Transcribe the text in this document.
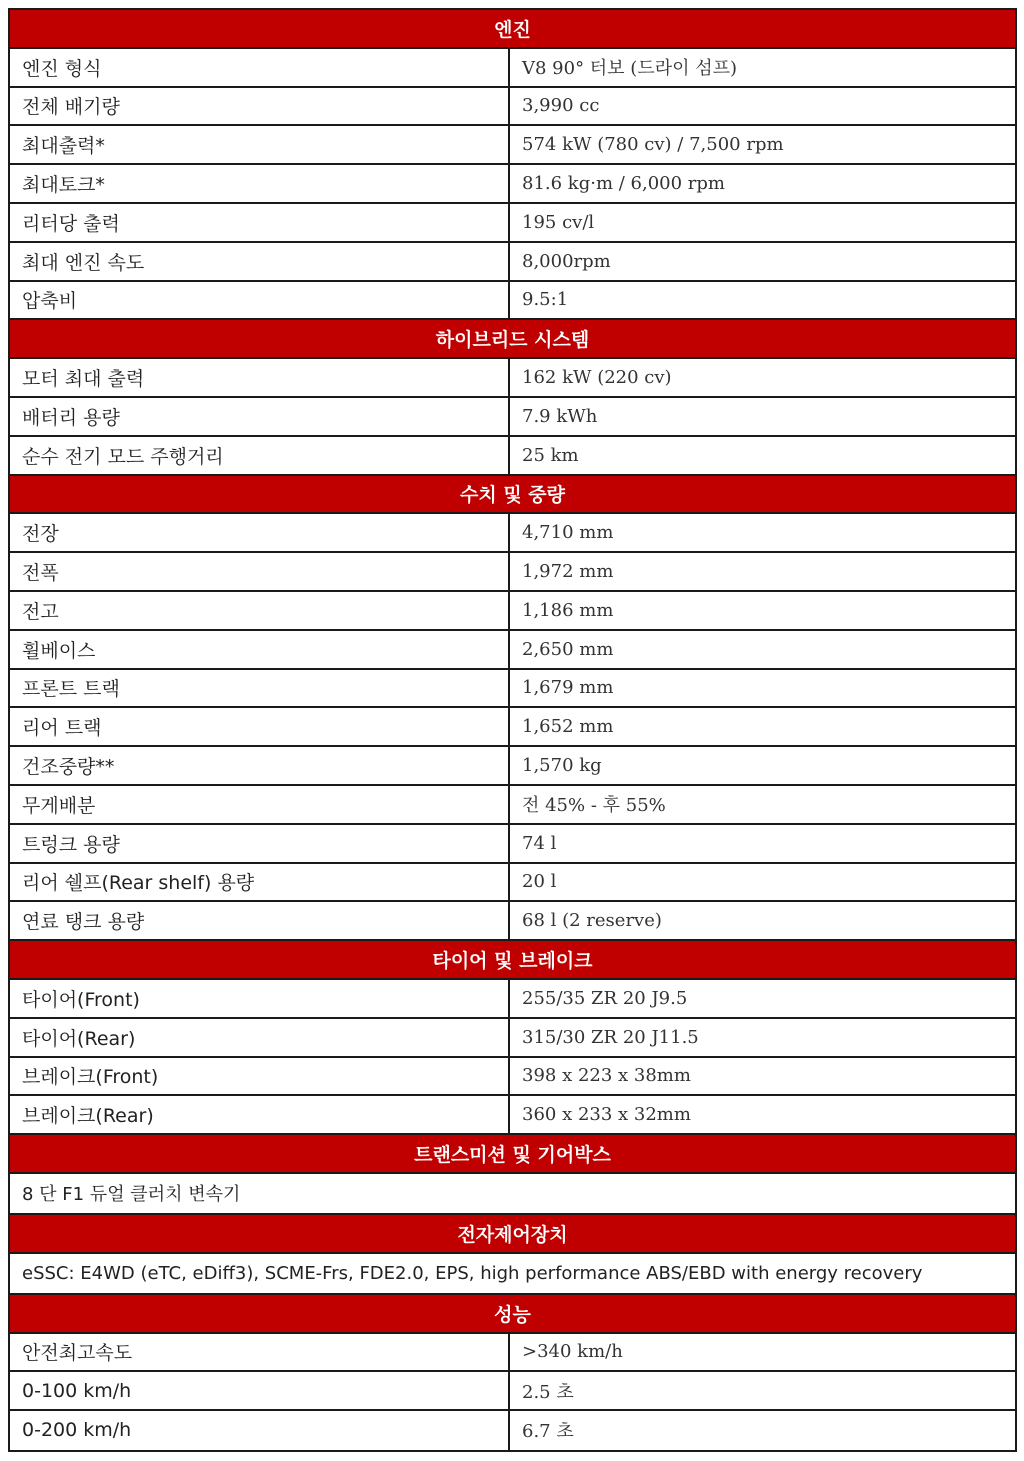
엔진
엔진 형식	V8 90° 터보 (드라이 섬프)
전체 배기량	3,990 cc
최대출력*	574 kW (780 cv) / 7,500 rpm
최대토크*	81.6 kg·m / 6,000 rpm
리터당 출력	195 cv/l
최대 엔진 속도	8,000rpm
압축비	9.5:1
하이브리드 시스템
모터 최대 출력	162 kW (220 cv)
배터리 용량	7.9 kWh
순수 전기 모드 주행거리	25 km
수치 및 중량
전장	4,710 mm
전폭	1,972 mm
전고	1,186 mm
휠베이스	2,650 mm
프론트 트랙	1,679 mm
리어 트랙	1,652 mm
건조중량**	1,570 kg
무게배분	전 45% - 후 55%
트렁크 용량	74 l
리어 쉘프(Rear shelf) 용량	20 l
연료 탱크 용량	68 l (2 reserve)
타이어 및 브레이크
타이어(Front)	255/35 ZR 20 J9.5
타이어(Rear)	315/30 ZR 20 J11.5
브레이크(Front)	398 x 223 x 38mm
브레이크(Rear)	360 x 233 x 32mm
트랜스미션 및 기어박스
8 단 F1 듀얼 클러치 변속기
전자제어장치
eSSC: E4WD (eTC, eDiff3), SCME-Frs, FDE2.0, EPS, high performance ABS/EBD with energy recovery
성능
안전최고속도	>340 km/h
0-100 km/h	2.5 초
0-200 km/h	6.7 초
